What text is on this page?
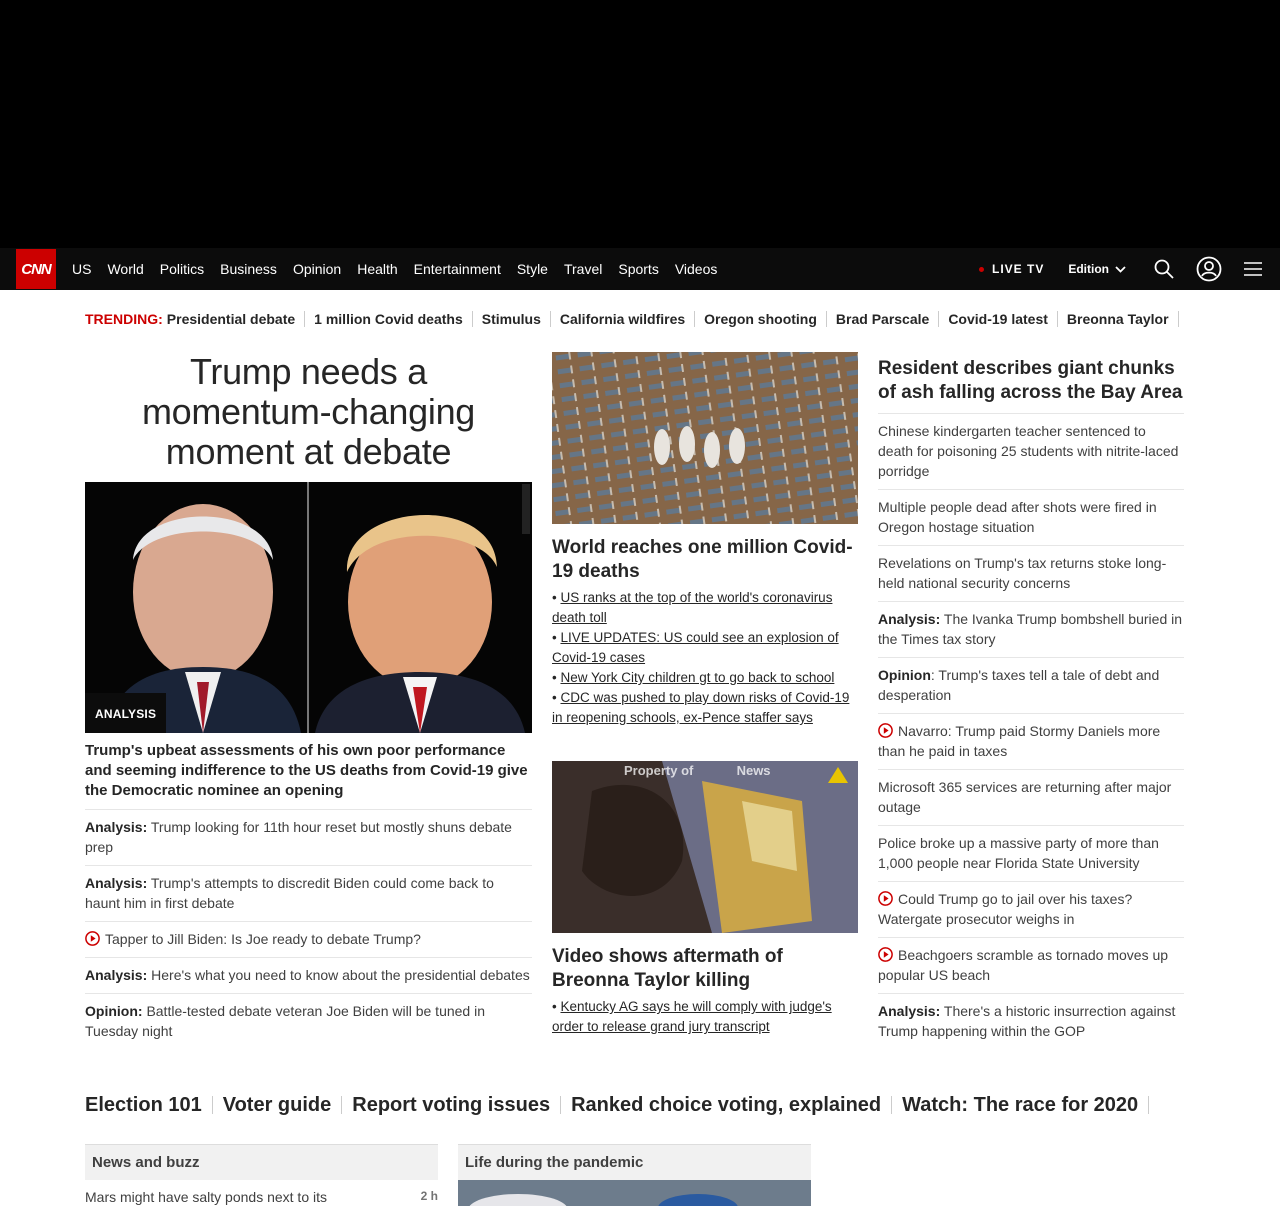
CNN	US World Politics Business Opinion Health Entertainment Style Travel Sports Videos	LIVE TV Edition
TRENDING: Presidential debate	1 million Covid deaths	Stimulus	California wildfires	Oregon shooting	Brad Parscale	Covid-19 latest	Breonna Taylor
Trump needs a momentum-changing moment at debate
ANALYSIS
Trump's upbeat assessments of his own poor performance and seeming indifference to the US deaths from Covid-19 give the Democratic nominee an opening
Analysis: Trump looking for 11th hour reset but mostly shuns debate prep
Analysis: Trump's attempts to discredit Biden could come back to haunt him in first debate
Tapper to Jill Biden: Is Joe ready to debate Trump?
Analysis: Here's what you need to know about the presidential debates
Opinion: Battle-tested debate veteran Joe Biden will be tuned in Tuesday night
World reaches one million Covid-19 deaths
• US ranks at the top of the world's coronavirus death toll
• LIVE UPDATES: US could see an explosion of Covid-19 cases
• New York City children gt to go back to school
• CDC was pushed to play down risks of Covid-19 in reopening schools, ex-Pence staffer says
Property of	News
Video shows aftermath of Breonna Taylor killing
• Kentucky AG says he will comply with judge's order to release grand jury transcript
Resident describes giant chunks of ash falling across the Bay Area
Chinese kindergarten teacher sentenced to death for poisoning 25 students with nitrite-laced porridge
Multiple people dead after shots were fired in Oregon hostage situation
Revelations on Trump's tax returns stoke long-held national security concerns
Analysis: The Ivanka Trump bombshell buried in the Times tax story
Opinion: Trump's taxes tell a tale of debt and desperation
Navarro: Trump paid Stormy Daniels more than he paid in taxes
Microsoft 365 services are returning after major outage
Police broke up a massive party of more than 1,000 people near Florida State University
Could Trump go to jail over his taxes? Watergate prosecutor weighs in
Beachgoers scramble as tornado moves up popular US beach
Analysis: There's a historic insurrection against Trump happening within the GOP
Election 101	Voter guide	Report voting issues	Ranked choice voting, explained	Watch: The race for 2020
News and buzz
Mars might have salty ponds next to its	2 h
Life during the pandemic
